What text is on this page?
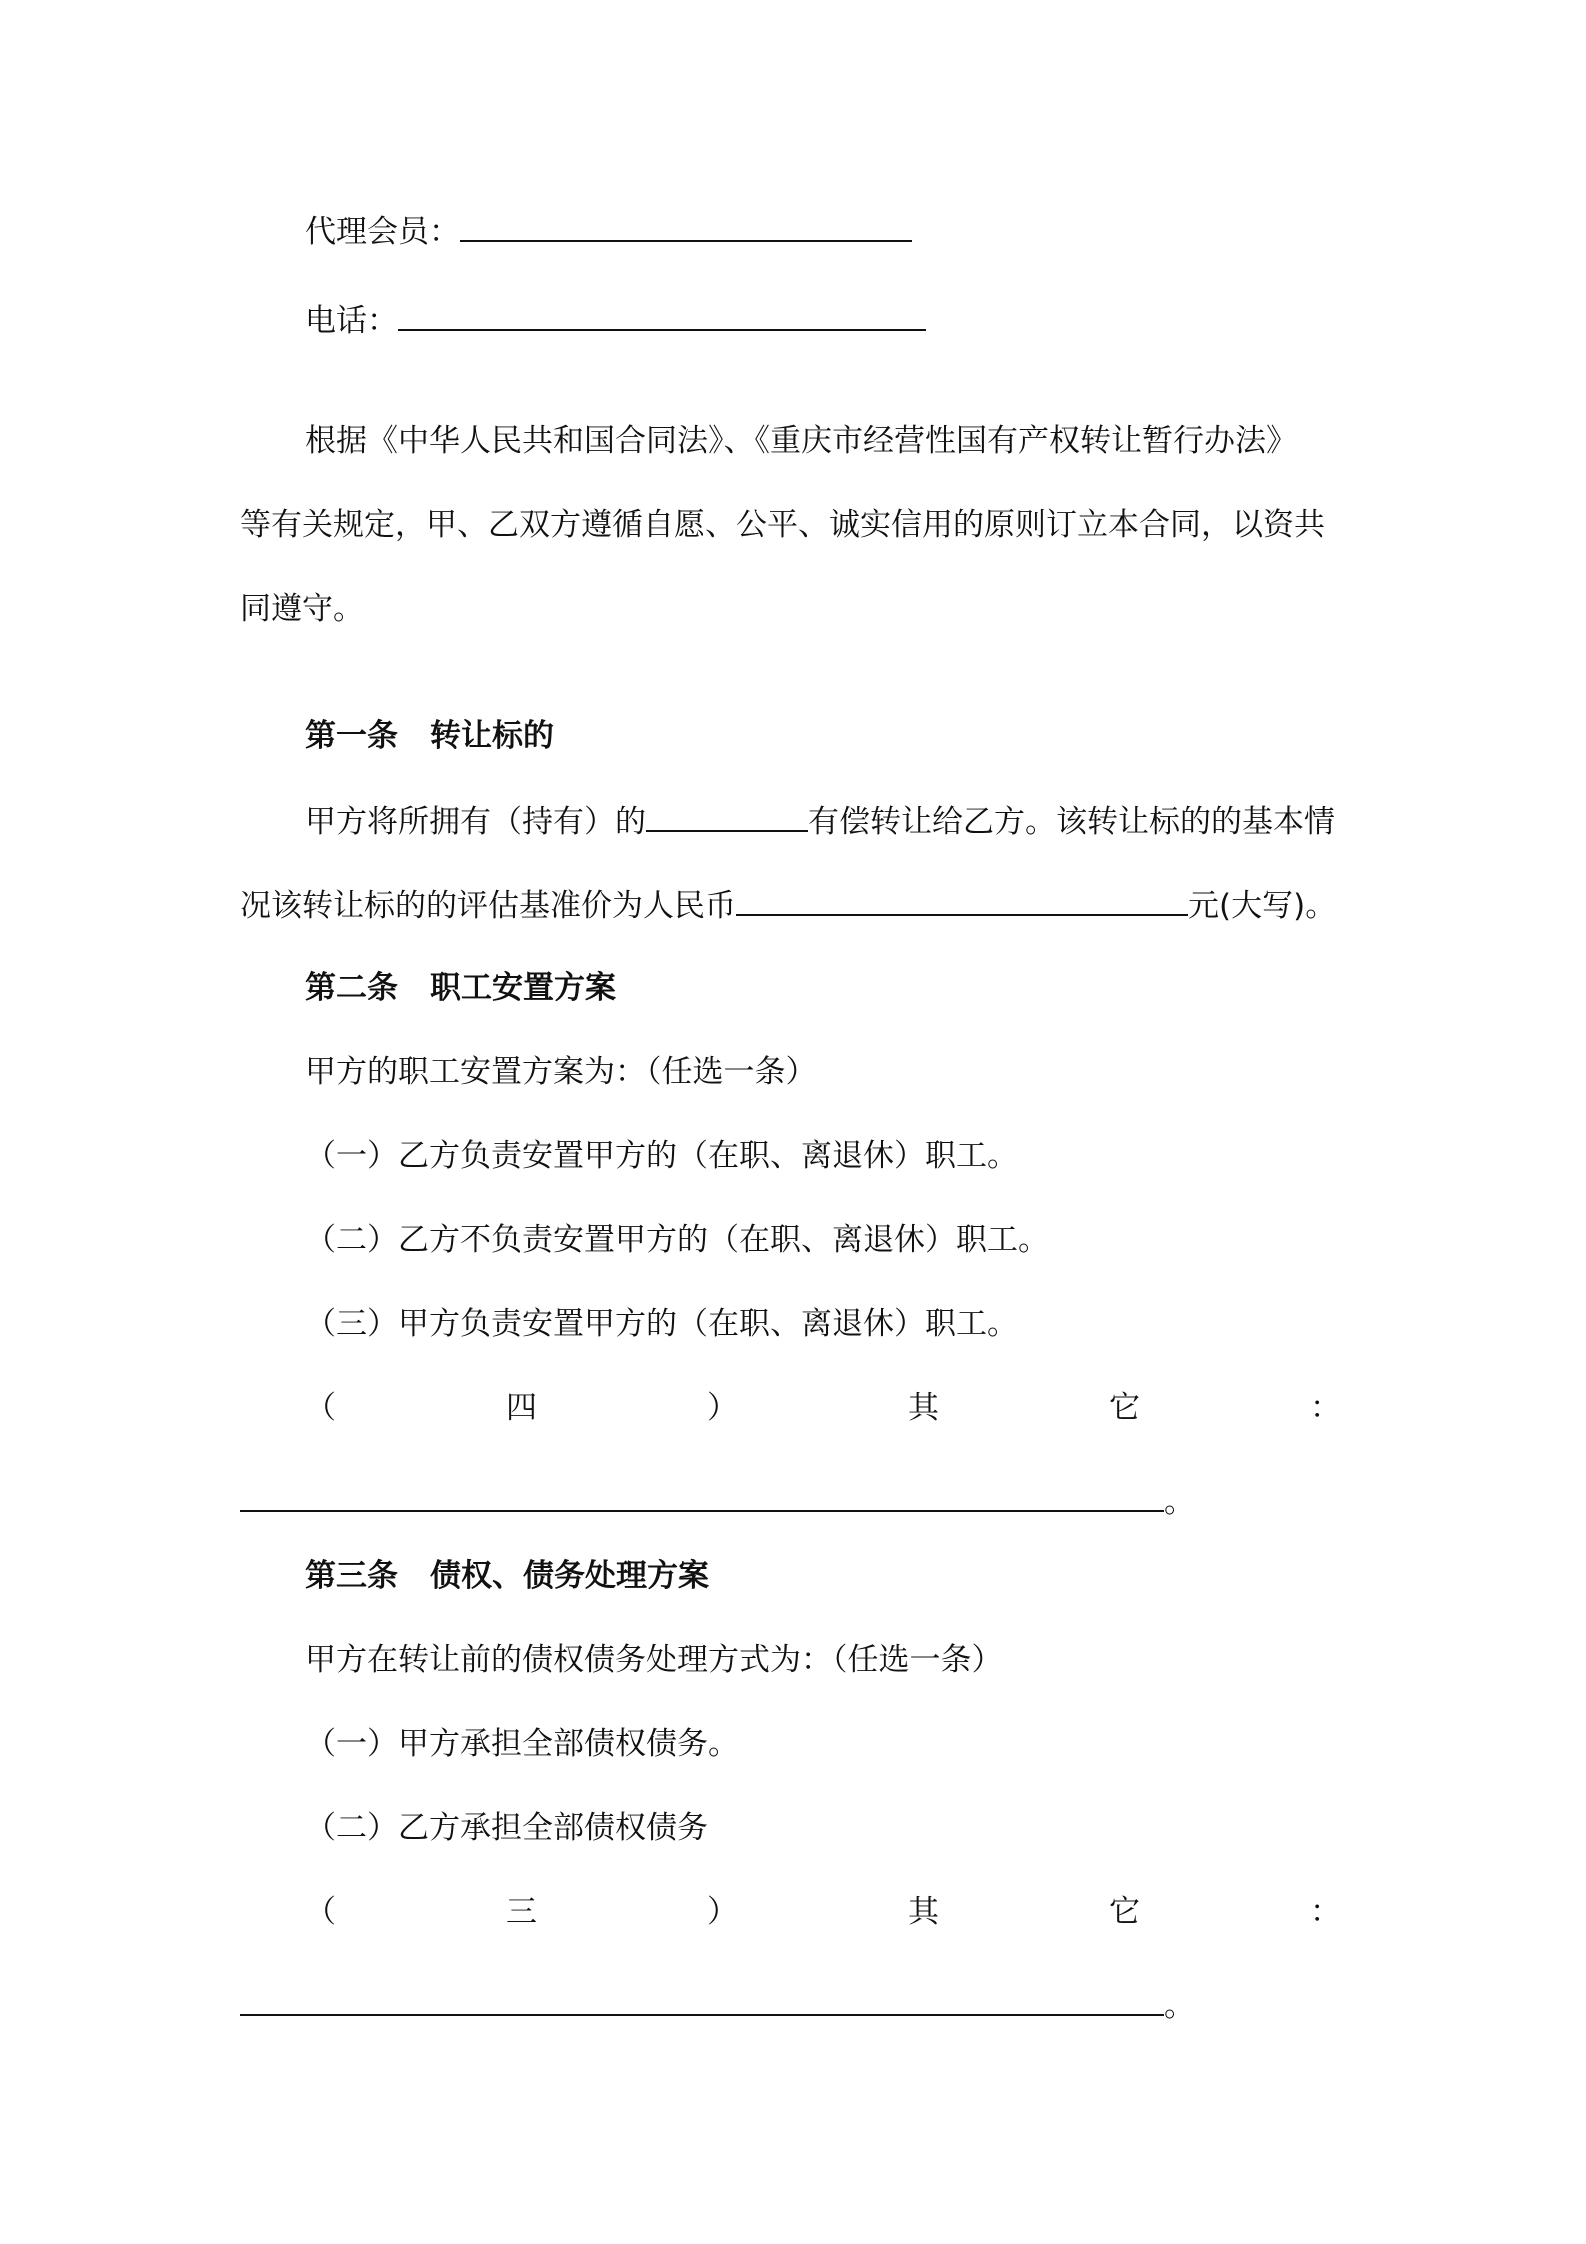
代理会员：
电话：
根据《中华人民共和国合同法》、《重庆市经营性国有产权转让暂行办法》
等有关规定，甲、乙双方遵循自愿、公平、诚实信用的原则订立本合同，以资共
同遵守。
第一条 转让标的
甲方将所拥有（持有）的	有偿转让给乙方。该转让标的的基本情
况该转让标的的评估基准价为人民币	元(大写)。
第二条 职工安置方案
甲方的职工安置方案为：（任选一条）
（一）乙方负责安置甲方的（在职、离退休）职工。
（二）乙方不负责安置甲方的（在职、离退休）职工。
（三）甲方负责安置甲方的（在职、离退休）职工。
（	四	）	其	它	：
。
第三条 债权、债务处理方案
甲方在转让前的债权债务处理方式为：（任选一条）
（一）甲方承担全部债权债务。
（二）乙方承担全部债权债务
（	三	）	其	它	：
。
